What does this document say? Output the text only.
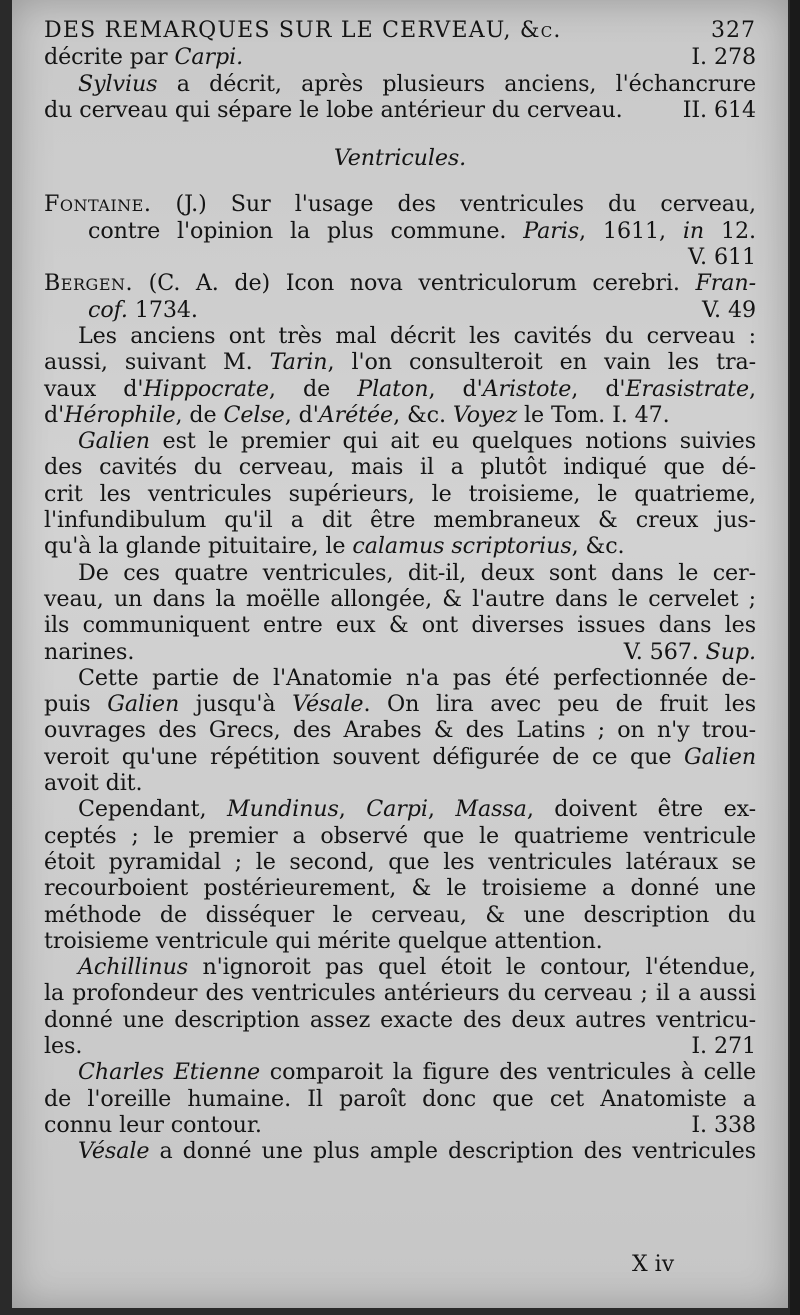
DES REMARQUES SUR LE CERVEAU, &c.	327
décrite par Carpi.	I. 278
Sylvius a décrit, après plusieurs anciens, l'échancrure
du cerveau qui sépare le lobe antérieur du cerveau.	II. 614
Ventricules.
Fontaine. (J.) Sur l'usage des ventricules du cerveau,
contre l'opinion la plus commune. Paris, 1611, in 12.
V. 611
Bergen. (C. A. de) Icon nova ventriculorum cerebri. Fran-
cof. 1734.	V. 49
Les anciens ont très mal décrit les cavités du cerveau :
aussi, suivant M. Tarin, l'on consulteroit en vain les tra-
vaux d'Hippocrate, de Platon, d'Aristote, d'Erasistrate,
d'Hérophile, de Celse, d'Arétée, &c. Voyez le Tom. I. 47.
Galien est le premier qui ait eu quelques notions suivies
des cavités du cerveau, mais il a plutôt indiqué que dé-
crit les ventricules supérieurs, le troisieme, le quatrieme,
l'infundibulum qu'il a dit être membraneux & creux jus-
qu'à la glande pituitaire, le calamus scriptorius, &c.
De ces quatre ventricules, dit-il, deux sont dans le cer-
veau, un dans la moëlle allongée, & l'autre dans le cervelet ;
ils communiquent entre eux & ont diverses issues dans les
narines.	V. 567. Sup.
Cette partie de l'Anatomie n'a pas été perfectionnée de-
puis Galien jusqu'à Vésale. On lira avec peu de fruit les
ouvrages des Grecs, des Arabes & des Latins ; on n'y trou-
veroit qu'une répétition souvent défigurée de ce que Galien
avoit dit.
Cependant, Mundinus, Carpi, Massa, doivent être ex-
ceptés ; le premier a observé que le quatrieme ventricule
étoit pyramidal ; le second, que les ventricules latéraux se
recourboient postérieurement, & le troisieme a donné une
méthode de disséquer le cerveau, & une description du
troisieme ventricule qui mérite quelque attention.
Achillinus n'ignoroit pas quel étoit le contour, l'étendue,
la profondeur des ventricules antérieurs du cerveau ; il a aussi
donné une description assez exacte des deux autres ventricu-
les.	I. 271
Charles Etienne comparoit la figure des ventricules à celle
de l'oreille humaine. Il paroît donc que cet Anatomiste a
connu leur contour.	I. 338
Vésale a donné une plus ample description des ventricules
X iv
